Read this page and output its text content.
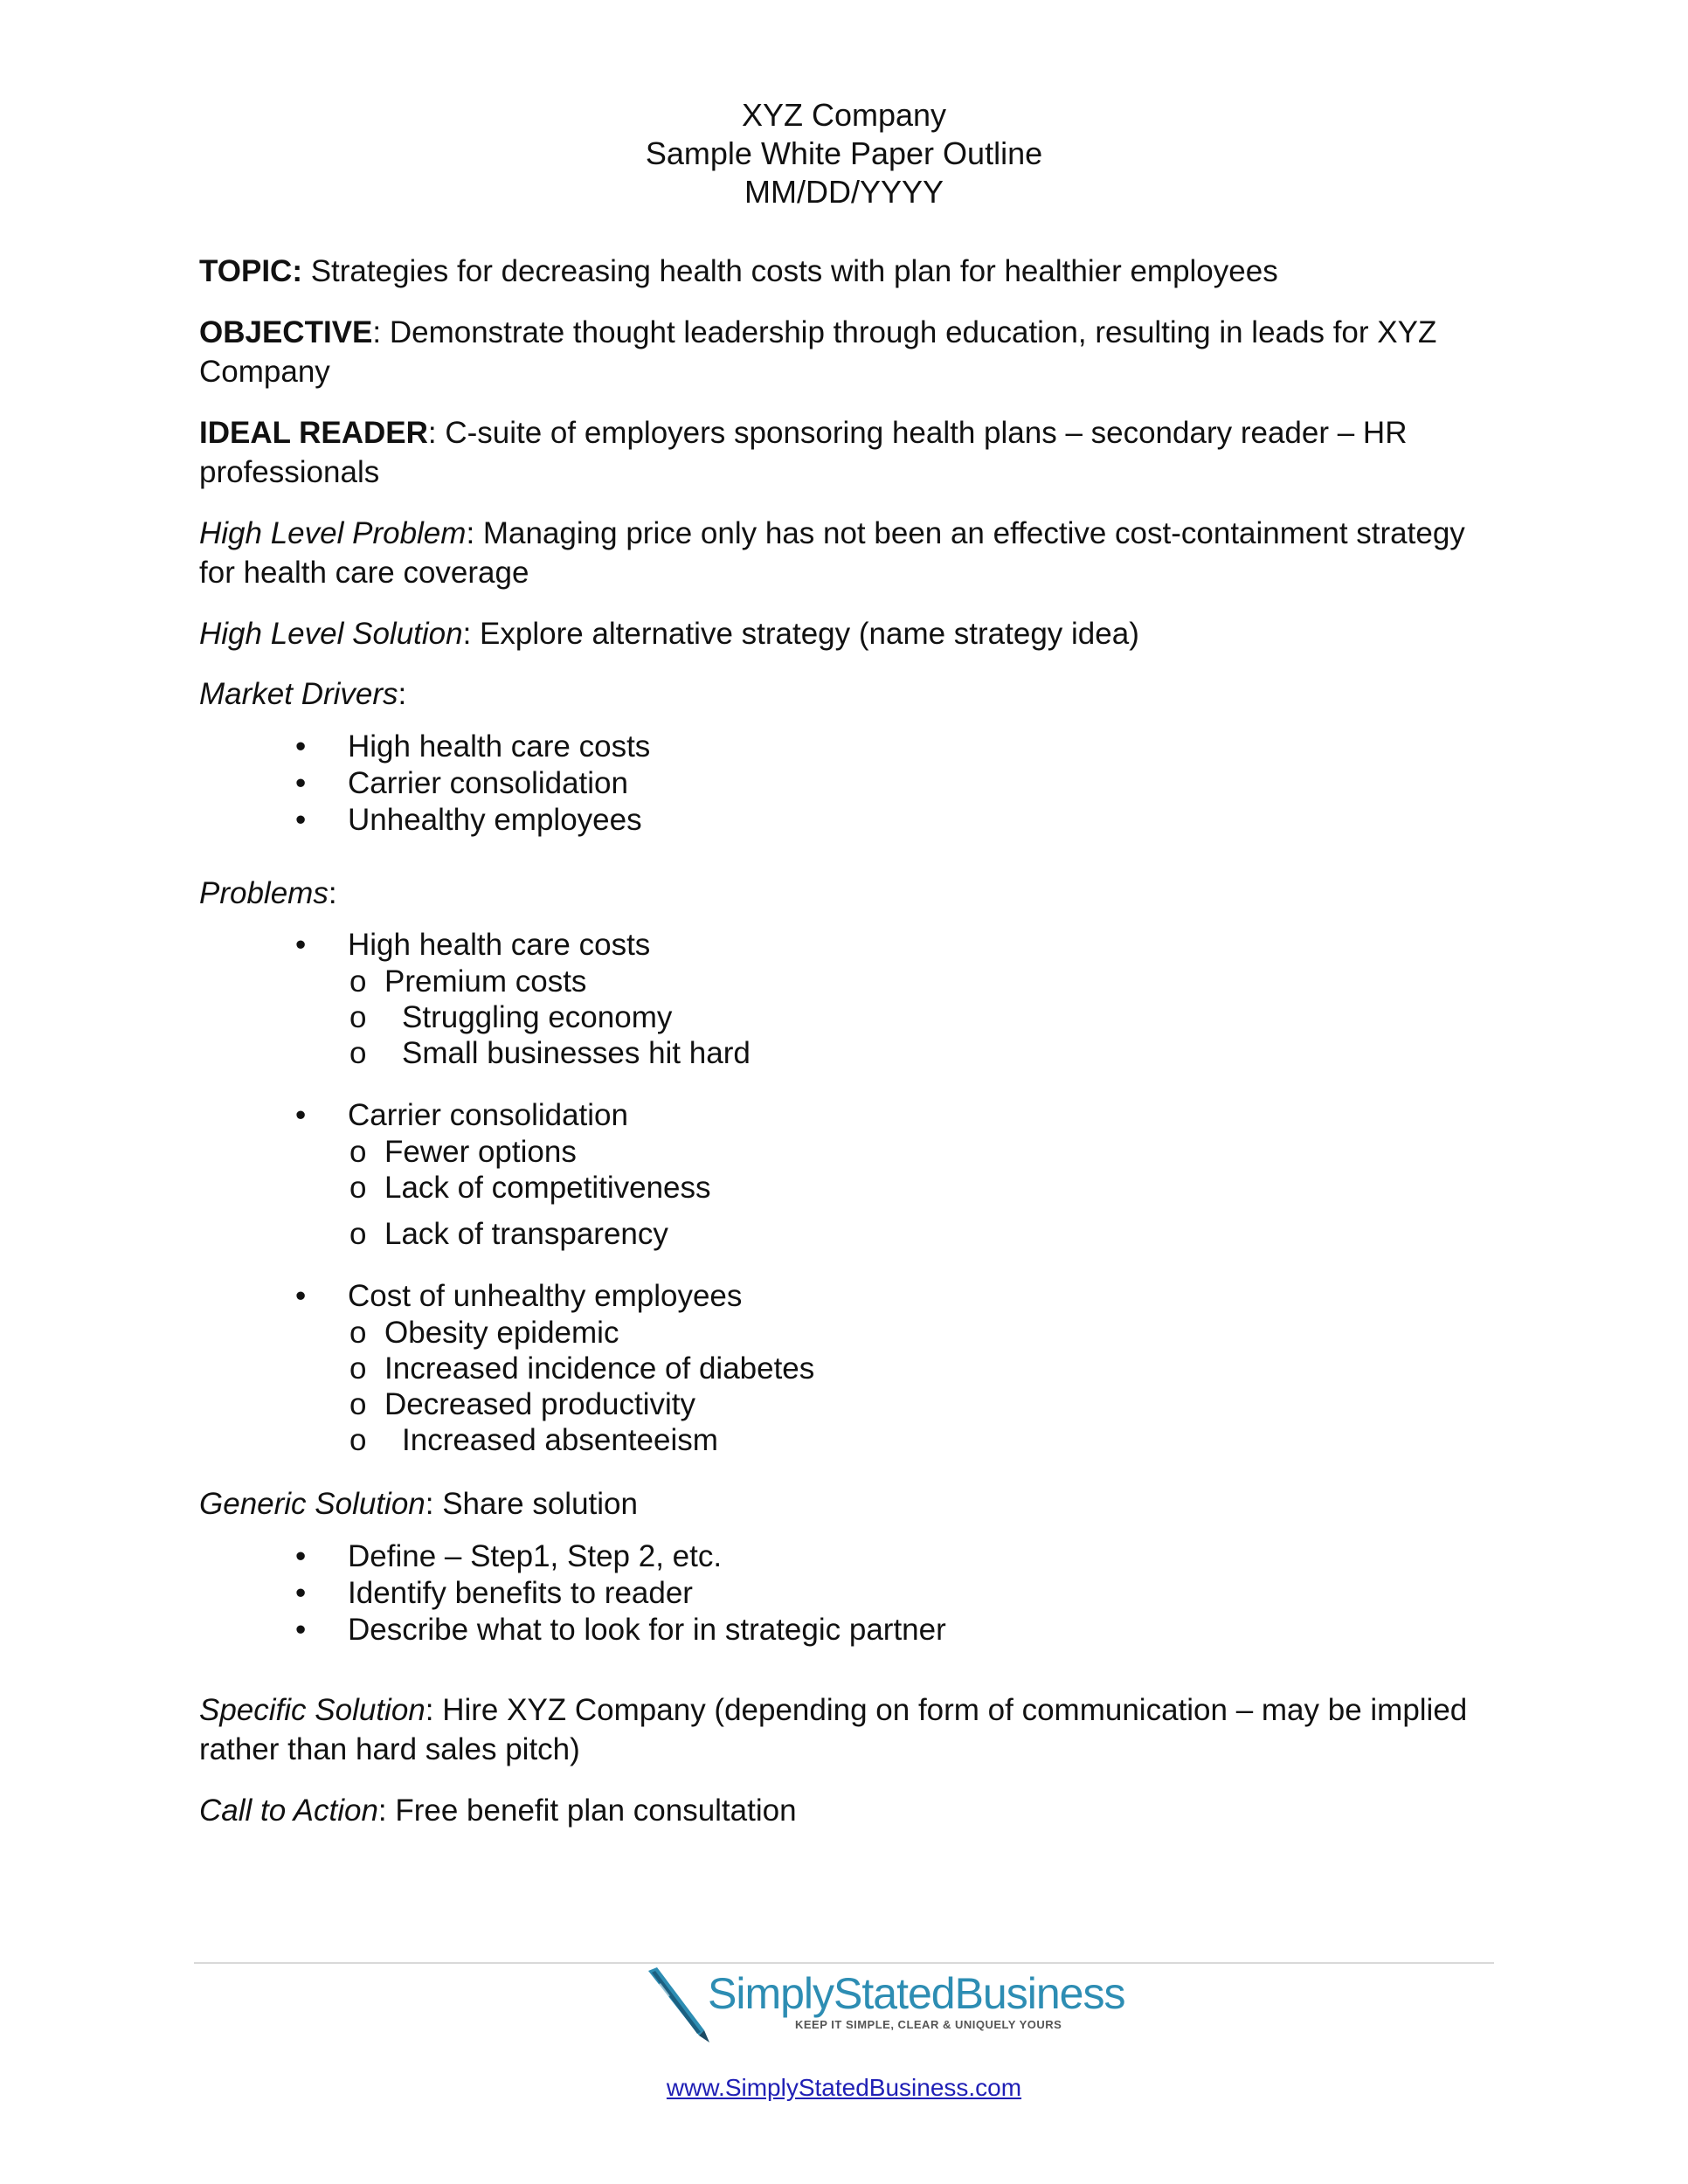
XYZ Company
Sample White Paper Outline
MM/DD/YYYY

TOPIC: Strategies for decreasing health costs with plan for healthier employees

OBJECTIVE: Demonstrate thought leadership through education, resulting in leads for XYZ Company

IDEAL READER: C-suite of employers sponsoring health plans – secondary reader – HR professionals

High Level Problem: Managing price only has not been an effective cost-containment strategy for health care coverage

High Level Solution: Explore alternative strategy (name strategy idea)

Market Drivers:

• High health care costs
• Carrier consolidation
• Unhealthy employees

Problems:

• High health care costs
o Premium costs
o Struggling economy
o Small businesses hit hard
• Carrier consolidation
o Fewer options
o Lack of competitiveness
o Lack of transparency
• Cost of unhealthy employees
o Obesity epidemic
o Increased incidence of diabetes
o Decreased productivity
o Increased absenteeism

Generic Solution: Share solution

• Define – Step1, Step 2, etc.
• Identify benefits to reader
• Describe what to look for in strategic partner

Specific Solution: Hire XYZ Company (depending on form of communication – may be implied rather than hard sales pitch)

Call to Action: Free benefit plan consultation

SimplyStatedBusiness
KEEP IT SIMPLE, CLEAR & UNIQUELY YOURS
www.SimplyStatedBusiness.com
